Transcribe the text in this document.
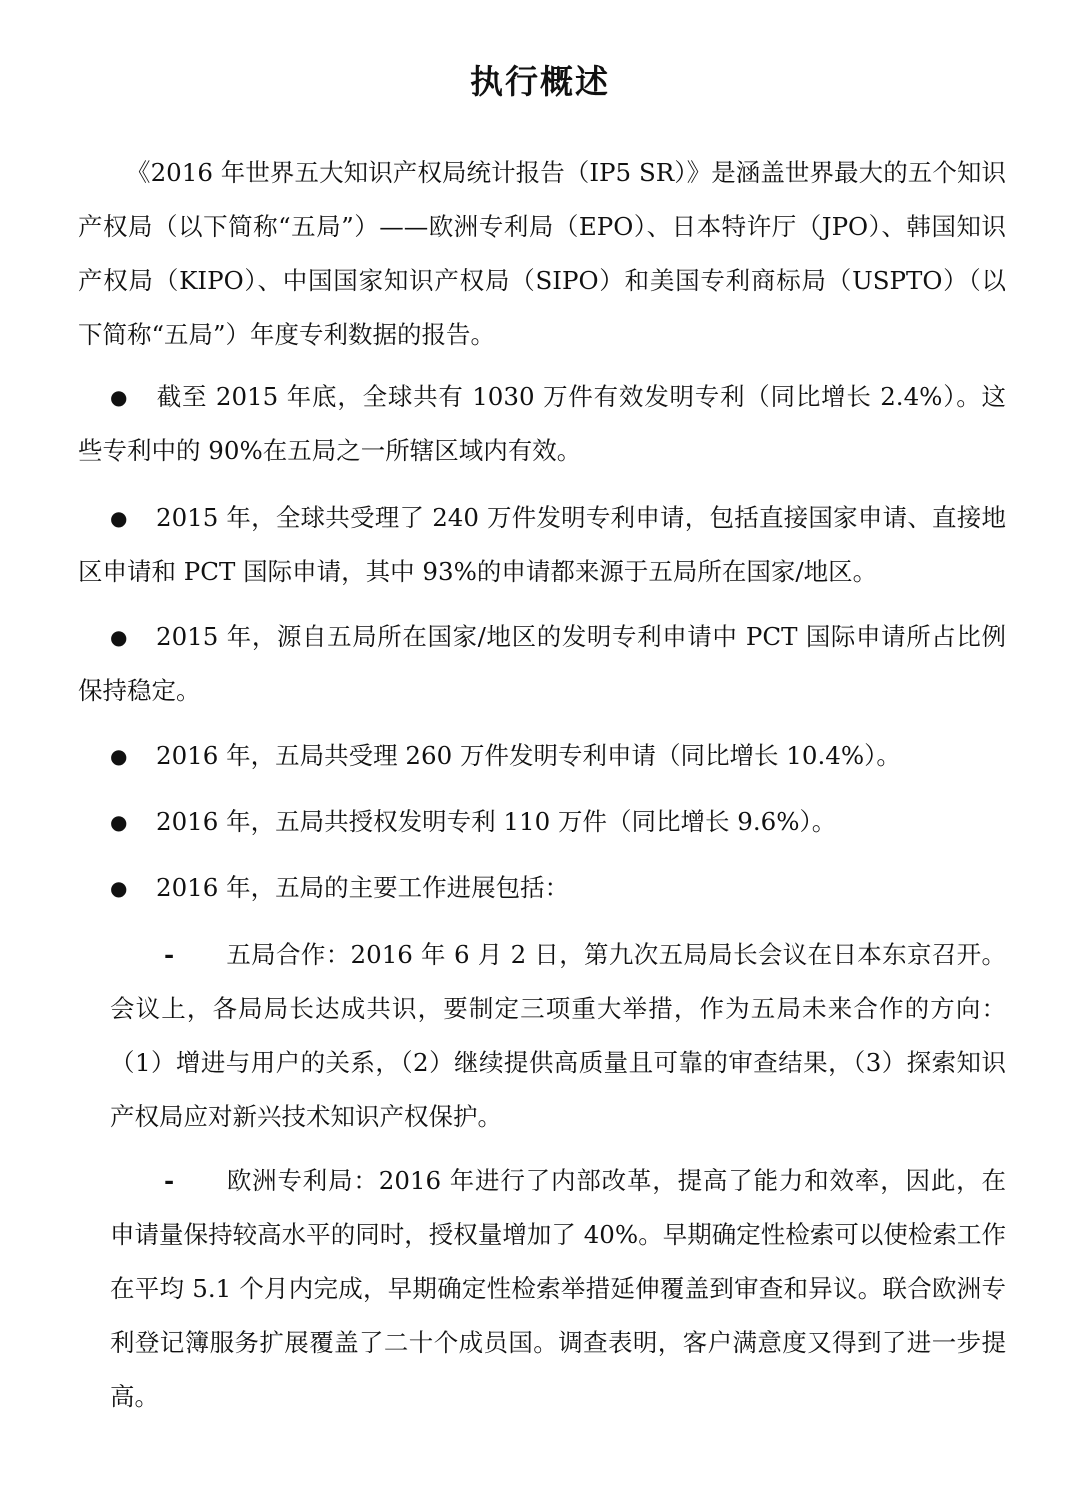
执行概述

《2016 年世界五大知识产权局统计报告（IP5 SR）》是涵盖世界最大的五个知识产权局（以下简称“五局”）——欧洲专利局（EPO）、日本特许厅（JPO）、韩国知识产权局（KIPO）、中国国家知识产权局（SIPO）和美国专利商标局（USPTO）（以下简称“五局”）年度专利数据的报告。

● 截至 2015 年底，全球共有 1030 万件有效发明专利（同比增长 2.4%）。这些专利中的 90%在五局之一所辖区域内有效。

● 2015 年，全球共受理了 240 万件发明专利申请，包括直接国家申请、直接地区申请和 PCT 国际申请，其中 93%的申请都来源于五局所在国家/地区。

● 2015 年，源自五局所在国家/地区的发明专利申请中 PCT 国际申请所占比例保持稳定。

● 2016 年，五局共受理 260 万件发明专利申请（同比增长 10.4%）。

● 2016 年，五局共授权发明专利 110 万件（同比增长 9.6%）。

● 2016 年，五局的主要工作进展包括：

- 五局合作：2016 年 6 月 2 日，第九次五局局长会议在日本东京召开。会议上，各局局长达成共识，要制定三项重大举措，作为五局未来合作的方向：（1）增进与用户的关系，（2）继续提供高质量且可靠的审查结果，（3）探索知识产权局应对新兴技术知识产权保护。

- 欧洲专利局：2016 年进行了内部改革，提高了能力和效率，因此，在申请量保持较高水平的同时，授权量增加了 40%。早期确定性检索可以使检索工作在平均 5.1 个月内完成，早期确定性检索举措延伸覆盖到审查和异议。联合欧洲专利登记簿服务扩展覆盖了二十个成员国。调查表明，客户满意度又得到了进一步提高。
